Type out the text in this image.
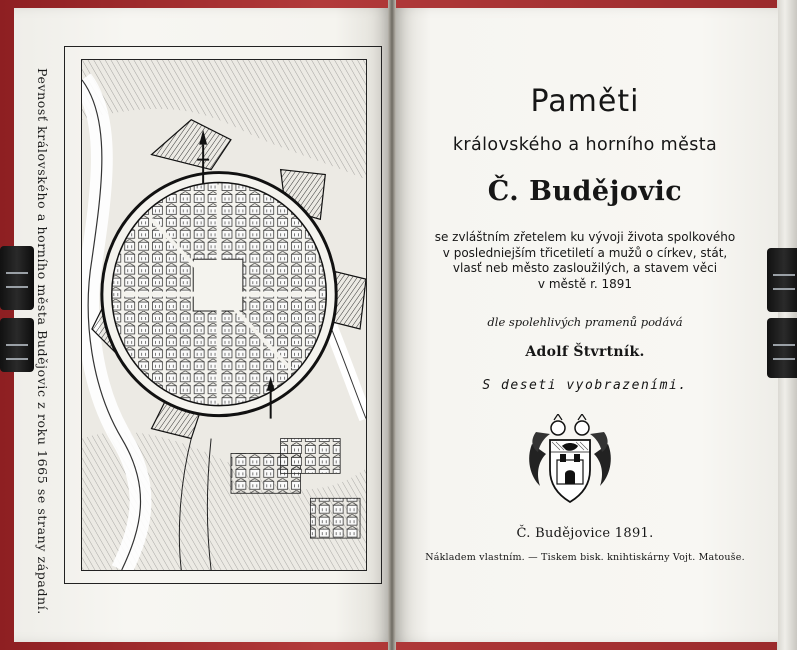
Pevnosť královského a horního města Budějovic z roku 1665 se strany západní.	Paměti
královského a horního města
Č. Budějovic
se zvláštním zřetelem ku vývoji života spolkového
v posledniejším třicetiletí a mužů o církev, stát,
vlasť neb město zasloužilých, a stavem věci
v městě r. 1891
dle spolehlivých pramenů podává
Adolf Štvrtník.
S deseti vyobrazeními.
Č. Budějovice 1891.
Nákladem vlastním. — Tiskem bisk. knihtiskárny Vojt. Matouše.
